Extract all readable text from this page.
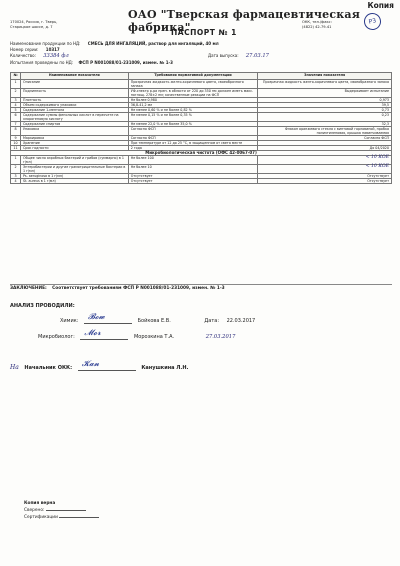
Копия
ОАО "Тверская фармацевтическая фабрика"
170024, Россия, г. Тверь,
Старицкое шоссе, д. 7
ОКК, тел./факс:
(4822) 42-79-41
P3
ПАСПОРТ № 1
Наименование продукции по НД: СМЕСЬ ДЛЯ ИНГАЛЯЦИЙ, раствор для ингаляций, 40 мл
Номер серии: 10317
Количество: 33384 фл	Дата выпуска: 27.03.17
Испытания проведены по НД: ФСП Р N001088/01-231009, измен. № 1-3
№	Наименование показателя	Требования нормативной документации	Значения показателя
1	Описание	Прозрачная жидкость желто-коричневого цвета, своеобразного запаха	Прозрачная жидкость желто-коричневого цвета, своеобразного запаха

2	Подлинность	УФ-спектр р-ра преп. в области от 220 до 350 нм должен иметь макс. поглощ. 278±2 нм; качественные реакции на ФСП	Выдерживает испытание

3	Плотность	Не более 0,980	0,973

4	Объем содержимого упаковки	36,8-41,2 мл	39,5

5	Содержание 1-ментола	Не менее 0,60 % и не более 0,82 %	0,73

6	Содержание суммы фенольных кислот в пересчете на хлорогеновую кислоту	Не менее 0,15 % и не более 0,35 %	0,23

7	Содержание спиртов	Не менее 22,0 % и не более 35,0 %	32,3

8	Упаковка	Согласно ФСП	Флакон оранжевого стекла с винтовой горловиной, пробка полиэтиленовая, крышка навинчиваемая

9	Маркировка	Согласно ФСП	Согласно ФСП

10	Хранение	При температуре от 12 до 25 °С, в защищенном от света месте	

11	Срок годности	2 года	До 04/2020

Микробиологическая чистота (ОФС 42-0067-07)			
1	Общее число аэробных бактерий и грибов (суммарно) в 1 г(мл)	Не более 100	< 10 КОЕ

2	Энтеробактерии и другие грамотрицательные бактерии в 1 г(мл)	Не более 10	< 10 КОЕ

3	Ps. aeruginosa в 1 г(мл)	Отсутствует	Отсутствует

4	St. aureus в 1 г(мл)	Отсутствует	Отсутствует
ЗАКЛЮЧЕНИЕ: Соответствует требованиям ФСП Р N001088/01-231009, измен. № 1-3
АНАЛИЗ ПРОВОДИЛИ:
Химик: 𝓑𝓸𝔀	Бойкова Е.В.	Дата: 22.03.2017
Микробиолог: 𝓜𝓸𝓻	Морозкина Т.А.	27.03.2017
На Начальник ОКК: 𝓚𝓪𝓷	Канушкина Л.Н.
Копия верна
Сверено:
Сертификации
